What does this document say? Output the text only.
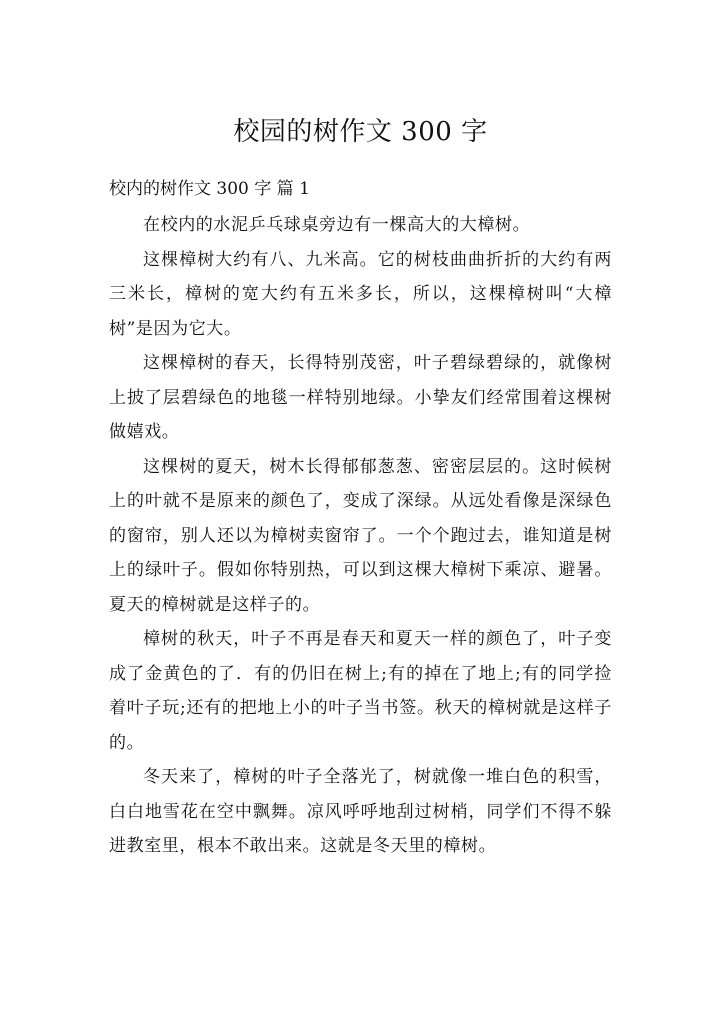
校园的树作文 300 字
校内的树作文 300 字 篇 1

在校内的水泥乒乓球桌旁边有一棵高大的大樟树。

这棵樟树大约有八、九米高。它的树枝曲曲折折的大约有两三米长，樟树的宽大约有五米多长，所以，这棵樟树叫“大樟树”是因为它大。

这棵樟树的春天，长得特别茂密，叶子碧绿碧绿的，就像树上披了层碧绿色的地毯一样特别地绿。小挚友们经常围着这棵树做嬉戏。

这棵树的夏天，树木长得郁郁葱葱、密密层层的。这时候树上的叶就不是原来的颜色了，变成了深绿。从远处看像是深绿色的窗帘，别人还以为樟树卖窗帘了。一个个跑过去，谁知道是树上的绿叶子。假如你特别热，可以到这棵大樟树下乘凉、避暑。夏天的樟树就是这样子的。

樟树的秋天，叶子不再是春天和夏天一样的颜色了，叶子变成了金黄色的了．有的仍旧在树上;有的掉在了地上;有的同学捡着叶子玩;还有的把地上小的叶子当书签。秋天的樟树就是这样子的。

冬天来了，樟树的叶子全落光了，树就像一堆白色的积雪，白白地雪花在空中飘舞。凉风呼呼地刮过树梢，同学们不得不躲进教室里，根本不敢出来。这就是冬天里的樟树。
